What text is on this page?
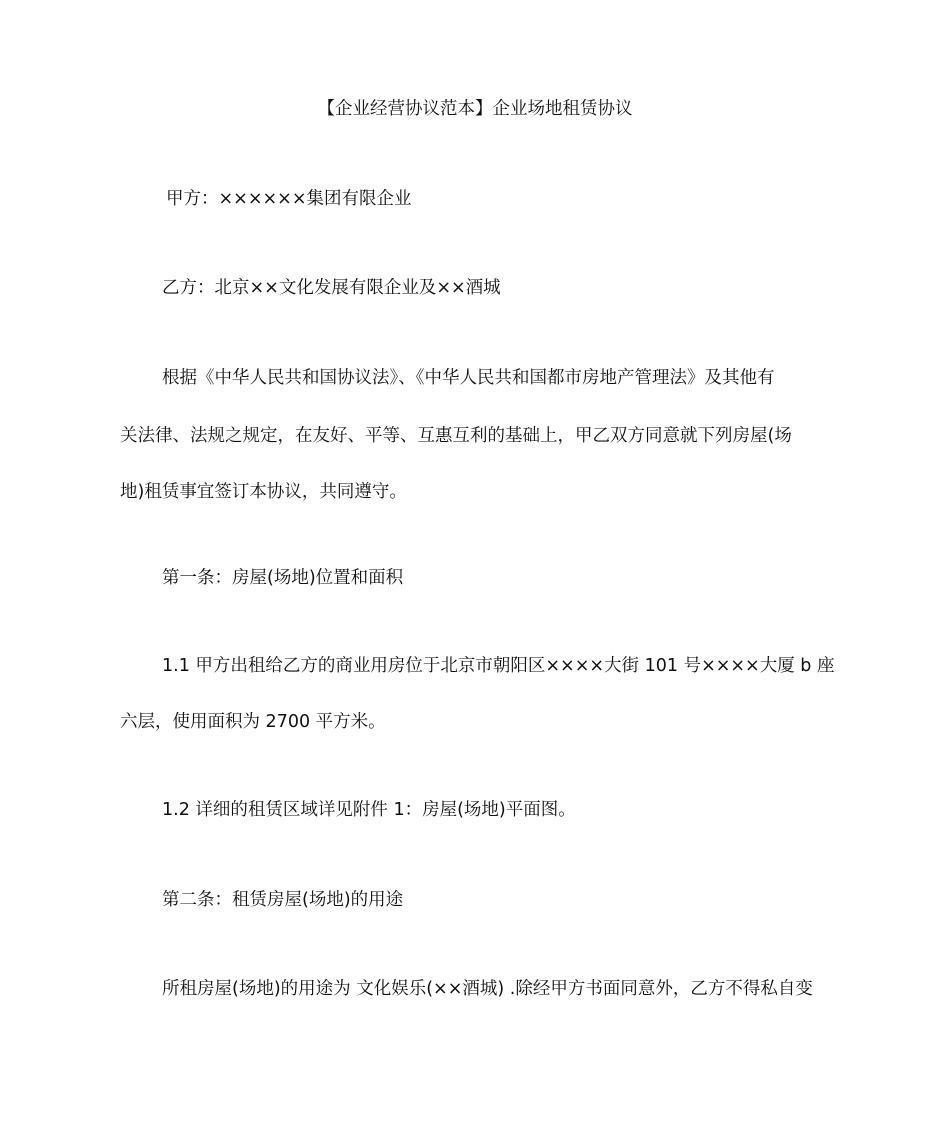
【企业经营协议范本】企业场地租赁协议
甲方：××××××集团有限企业
乙方：北京××文化发展有限企业及××酒城
根据《中华人民共和国协议法》、《中华人民共和国都市房地产管理法》及其他有
关法律、法规之规定，在友好、平等、互惠互利的基础上，甲乙双方同意就下列房屋(场
地)租赁事宜签订本协议，共同遵守。
第一条：房屋(场地)位置和面积
1.1 甲方出租给乙方的商业用房位于北京市朝阳区××××大街 101 号××××大厦 b 座
六层，使用面积为 2700 平方米。
1.2 详细的租赁区域详见附件 1：房屋(场地)平面图。
第二条：租赁房屋(场地)的用途
所租房屋(场地)的用途为 文化娱乐(××酒城) .除经甲方书面同意外，乙方不得私自变
